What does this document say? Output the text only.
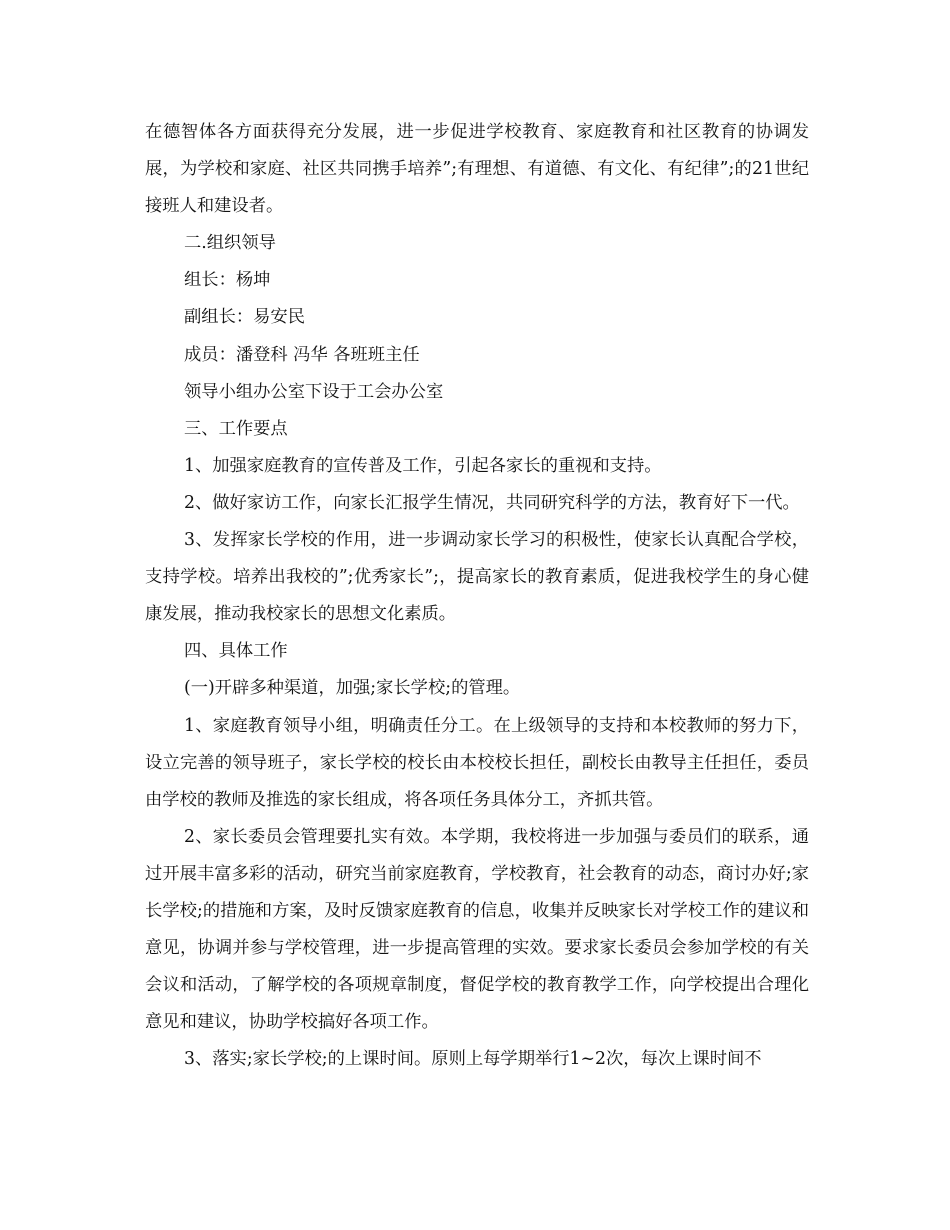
在德智体各方面获得充分发展，进一步促进学校教育、家庭教育和社区教育的协调发展，为学校和家庭、社区共同携手培养”;有理想、有道德、有文化、有纪律”;的21世纪接班人和建设者。

二.组织领导

组长：杨坤

副组长：易安民

成员：潘登科 冯华 各班班主任

领导小组办公室下设于工会办公室

三、工作要点

1、加强家庭教育的宣传普及工作，引起各家长的重视和支持。

2、做好家访工作，向家长汇报学生情况，共同研究科学的方法，教育好下一代。

3、发挥家长学校的作用，进一步调动家长学习的积极性，使家长认真配合学校，支持学校。培养出我校的”;优秀家长”;，提高家长的教育素质，促进我校学生的身心健康发展，推动我校家长的思想文化素质。

四、具体工作

(一)开辟多种渠道，加强;家长学校;的管理。

1、家庭教育领导小组，明确责任分工。在上级领导的支持和本校教师的努力下，设立完善的领导班子，家长学校的校长由本校校长担任，副校长由教导主任担任，委员由学校的教师及推选的家长组成，将各项任务具体分工，齐抓共管。

2、家长委员会管理要扎实有效。本学期，我校将进一步加强与委员们的联系，通过开展丰富多彩的活动，研究当前家庭教育，学校教育，社会教育的动态，商讨办好;家长学校;的措施和方案，及时反馈家庭教育的信息，收集并反映家长对学校工作的建议和意见，协调并参与学校管理，进一步提高管理的实效。要求家长委员会参加学校的有关会议和活动，了解学校的各项规章制度，督促学校的教育教学工作，向学校提出合理化意见和建议，协助学校搞好各项工作。

3、落实;家长学校;的上课时间。原则上每学期举行1~2次，每次上课时间不
